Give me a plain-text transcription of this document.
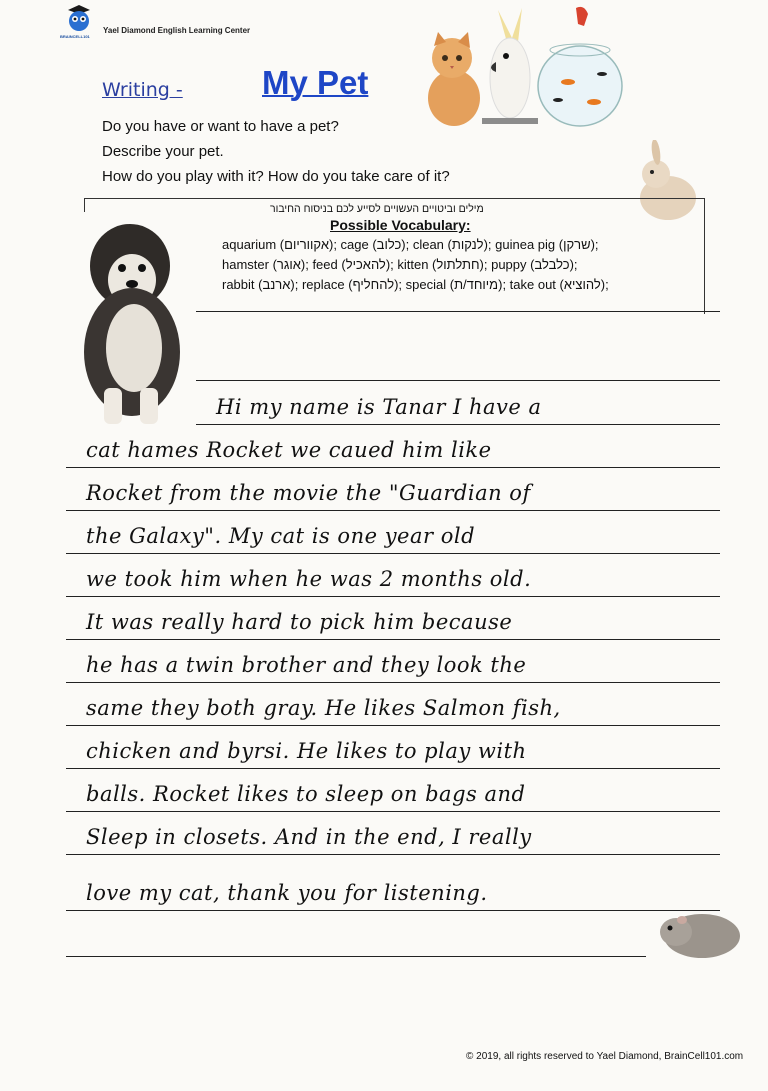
BRAINCELL101
Yael Diamond English Learning Center
Writing - My Pet
Do you have or want to have a pet?
Describe your pet.
How do you play with it? How do you take care of it?
מילים וביטויים העשויים לסייע לכם בניסוח החיבור
Possible Vocabulary:
aquarium (אקווריום); cage (כלוב); clean (לנקות); guinea pig (שרקן);
hamster (אוגר); feed (להאכיל); kitten (חתלתול); puppy (כלבלב);
rabbit (ארנב); replace (להחליף); special (מיוחד/ת); take out (להוציא);
Hi my name is Tanar I have a
cat hames Rocket we caued him like
Rocket from the movie the "Guardian of
the Galaxy". My cat is one year old
we took him when he was 2 months old.
It was really hard to pick him because
he has a twin brother and they look the
same they both gray. He likes Salmon fish,
chicken and byrsi. He likes to play with
balls. Rocket likes to sleep on bags and
Sleep in closets. And in the end, I really
love my cat, thank you for listening.
© 2019, all rights reserved to Yael Diamond, BrainCell101.com
